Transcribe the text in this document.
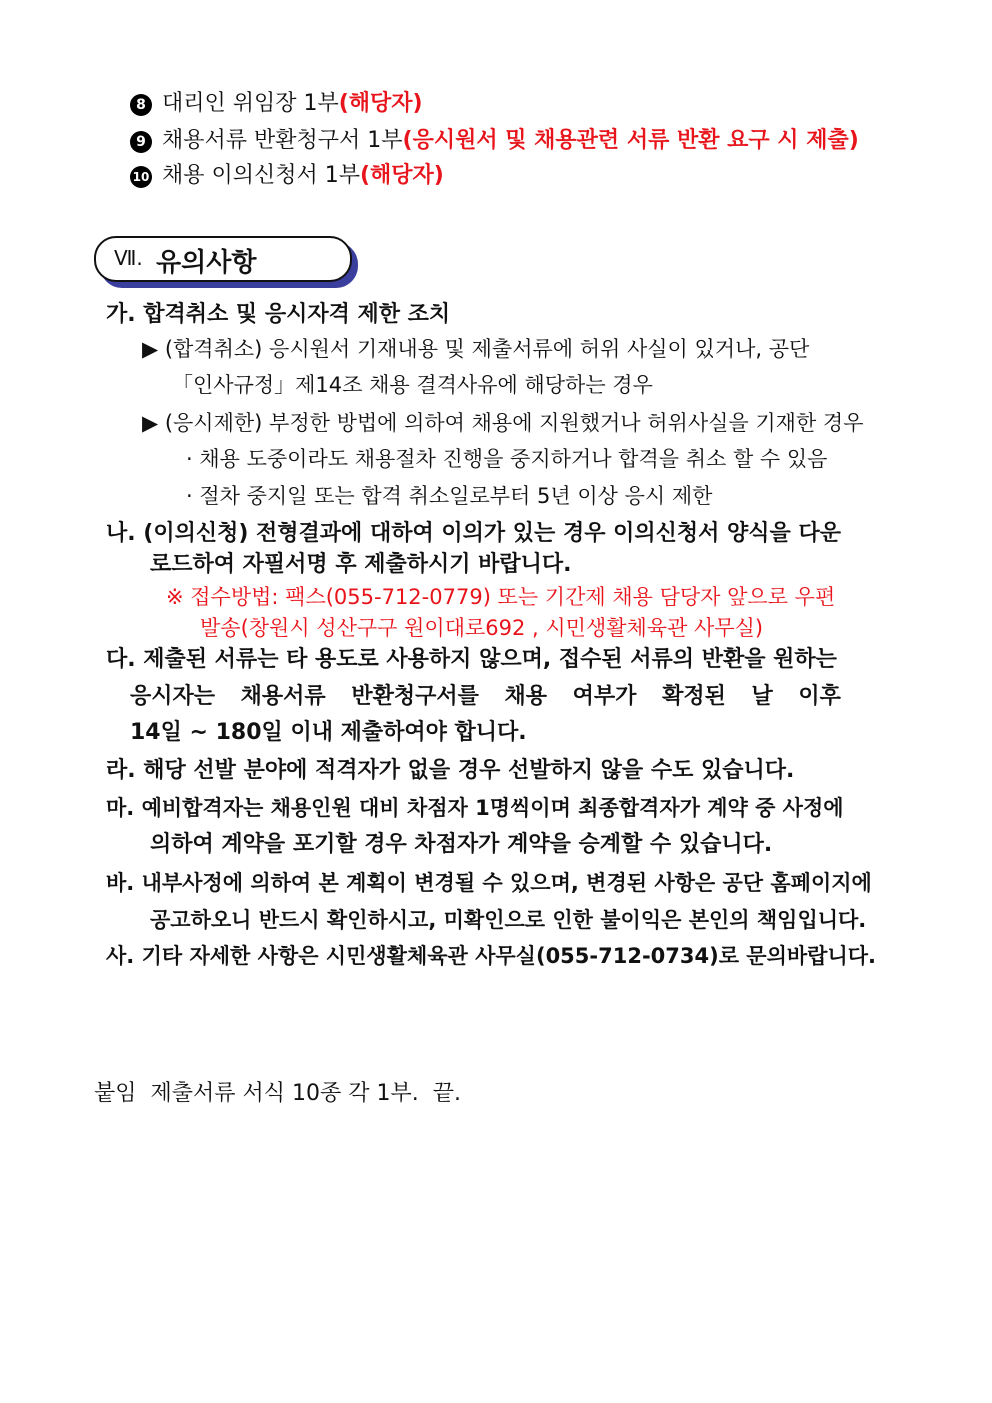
8 대리인 위임장 1부(해당자)
9 채용서류 반환청구서 1부(응시원서 및 채용관련 서류 반환 요구 시 제출)
10 채용 이의신청서 1부(해당자)
Ⅶ. 유의사항
가. 합격취소 및 응시자격 제한 조치
▶ (합격취소) 응시원서 기재내용 및 제출서류에 허위 사실이 있거나, 공단
「인사규정」제14조 채용 결격사유에 해당하는 경우
▶ (응시제한) 부정한 방법에 의하여 채용에 지원했거나 허위사실을 기재한 경우
· 채용 도중이라도 채용절차 진행을 중지하거나 합격을 취소 할 수 있음
· 절차 중지일 또는 합격 취소일로부터 5년 이상 응시 제한
나. (이의신청) 전형결과에 대하여 이의가 있는 경우 이의신청서 양식을 다운
로드하여 자필서명 후 제출하시기 바랍니다.
※ 접수방법: 팩스(055-712-0779) 또는 기간제 채용 담당자 앞으로 우편
발송(창원시 성산구구 원이대로692 , 시민생활체육관 사무실)
다. 제출된 서류는 타 용도로 사용하지 않으며, 접수된 서류의 반환을 원하는
응시자는 채용서류 반환청구서를 채용 여부가 확정된 날 이후
14일 ~ 180일 이내 제출하여야 합니다.
라. 해당 선발 분야에 적격자가 없을 경우 선발하지 않을 수도 있습니다.
마. 예비합격자는 채용인원 대비 차점자 1명씩이며 최종합격자가 계약 중 사정에
의하여 계약을 포기할 경우 차점자가 계약을 승계할 수 있습니다.
바. 내부사정에 의하여 본 계획이 변경될 수 있으며, 변경된 사항은 공단 홈페이지에
공고하오니 반드시 확인하시고, 미확인으로 인한 불이익은 본인의 책임입니다.
사. 기타 자세한 사항은 시민생활체육관 사무실(055-712-0734)로 문의바랍니다.
붙임  제출서류 서식 10종 각 1부.  끝.
